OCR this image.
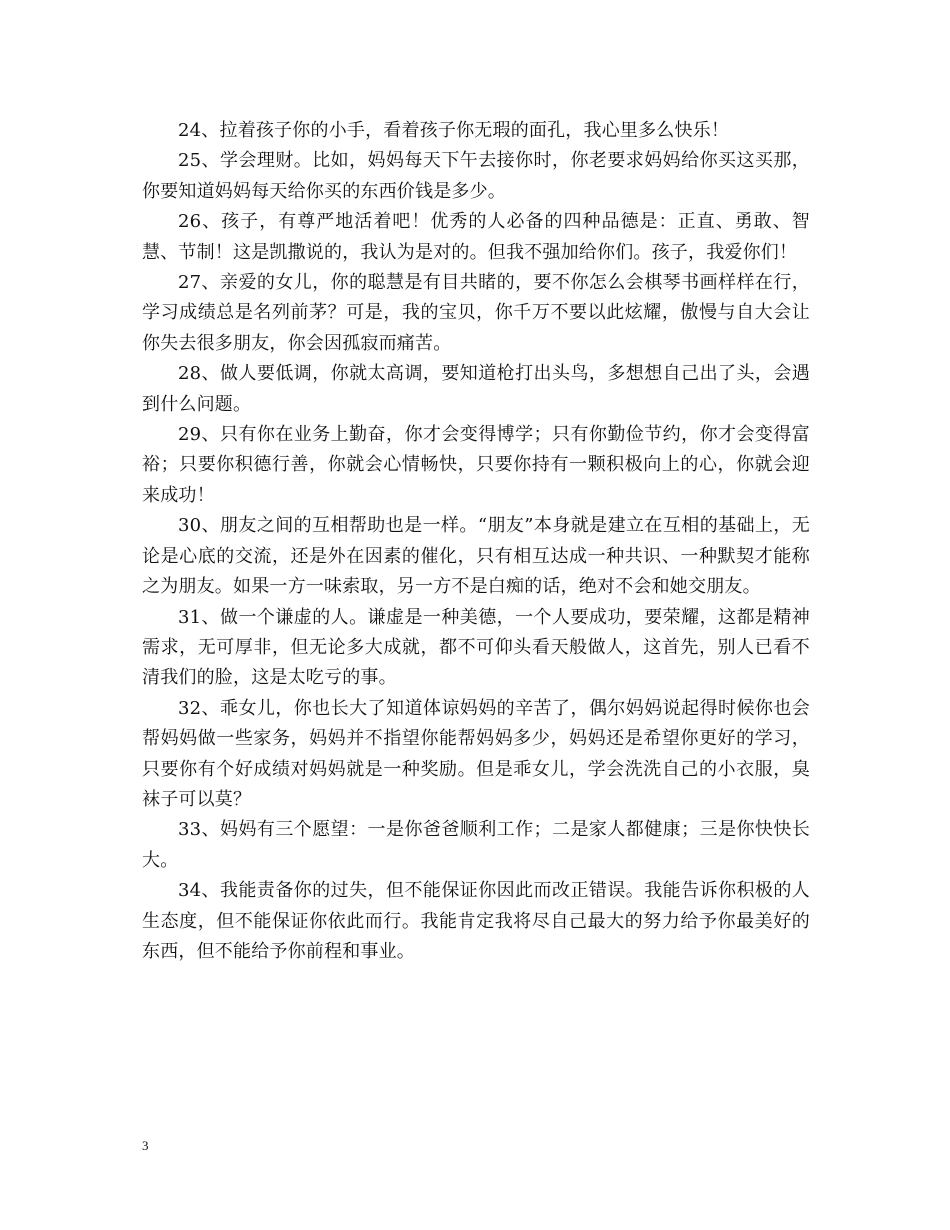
24、拉着孩子你的小手，看着孩子你无瑕的面孔，我心里多么快乐！

25、学会理财。比如，妈妈每天下午去接你时，你老要求妈妈给你买这买那，你要知道妈妈每天给你买的东西价钱是多少。

26、孩子，有尊严地活着吧！优秀的人必备的四种品德是：正直、勇敢、智慧、节制！这是凯撒说的，我认为是对的。但我不强加给你们。孩子，我爱你们！

27、亲爱的女儿，你的聪慧是有目共睹的，要不你怎么会棋琴书画样样在行，学习成绩总是名列前茅？可是，我的宝贝，你千万不要以此炫耀，傲慢与自大会让你失去很多朋友，你会因孤寂而痛苦。

28、做人要低调，你就太高调，要知道枪打出头鸟，多想想自己出了头，会遇到什么问题。

29、只有你在业务上勤奋，你才会变得博学；只有你勤俭节约，你才会变得富裕；只要你积德行善，你就会心情畅快，只要你持有一颗积极向上的心，你就会迎来成功！

30、朋友之间的互相帮助也是一样。“朋友”本身就是建立在互相的基础上，无论是心底的交流，还是外在因素的催化，只有相互达成一种共识、一种默契才能称之为朋友。如果一方一味索取，另一方不是白痴的话，绝对不会和她交朋友。

31、做一个谦虚的人。谦虚是一种美德，一个人要成功，要荣耀，这都是精神需求，无可厚非，但无论多大成就，都不可仰头看天般做人，这首先，别人已看不清我们的脸，这是太吃亏的事。

32、乖女儿，你也长大了知道体谅妈妈的辛苦了，偶尔妈妈说起得时候你也会帮妈妈做一些家务，妈妈并不指望你能帮妈妈多少，妈妈还是希望你更好的学习，只要你有个好成绩对妈妈就是一种奖励。但是乖女儿，学会洗洗自己的小衣服，臭袜子可以莫？

33、妈妈有三个愿望：一是你爸爸顺利工作；二是家人都健康；三是你快快长大。

34、我能责备你的过失，但不能保证你因此而改正错误。我能告诉你积极的人生态度，但不能保证你依此而行。我能肯定我将尽自己最大的努力给予你最美好的东西，但不能给予你前程和事业。

3
